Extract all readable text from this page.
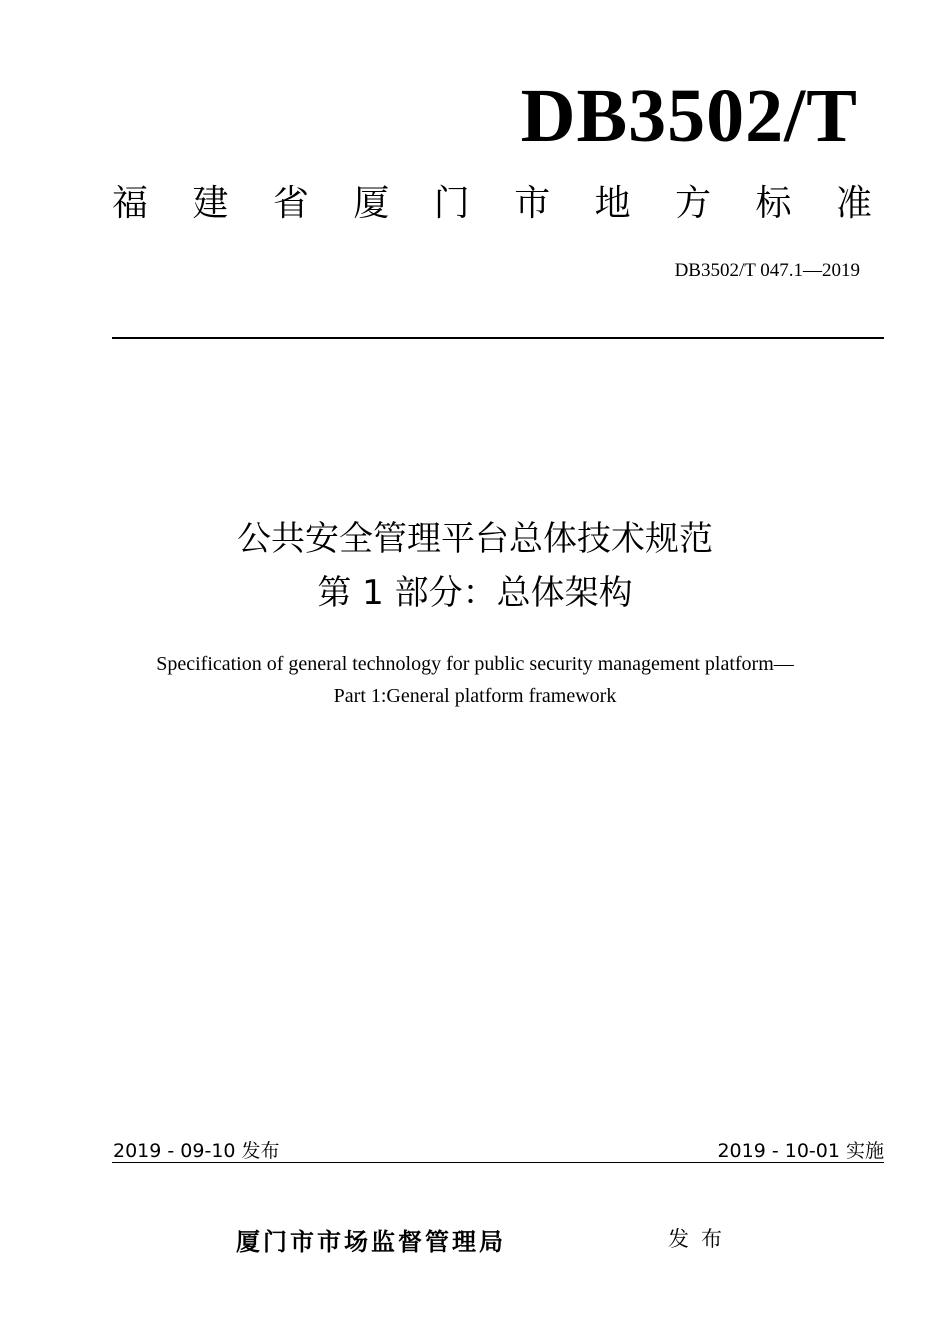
DB3502/T
福 建 省 厦 门 市 地 方 标 准
DB3502/T 047.1—2019
公共安全管理平台总体技术规范
第 1 部分：总体架构
Specification of general technology for public security management platform—
Part 1:General platform framework
2019 - 09-10 发布	2019 - 10-01 实施
厦门市市场监督管理局	发布
